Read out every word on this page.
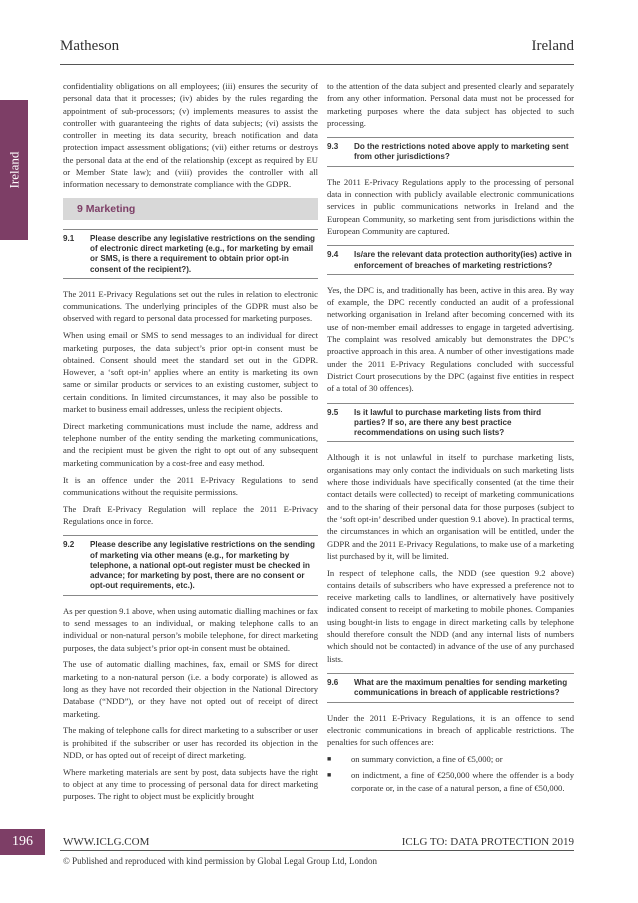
Matheson	Ireland
Ireland

confidentiality obligations on all employees; (iii) ensures the security of personal data that it processes; (iv) abides by the rules regarding the appointment of sub-processors; (v) implements measures to assist the controller with guaranteeing the rights of data subjects; (vi) assists the controller in meeting its data security, breach notification and data protection impact assessment obligations; (vii) either returns or destroys the personal data at the end of the relationship (except as required by EU or Member State law); and (viii) provides the controller with all information necessary to demonstrate compliance with the GDPR.

9 Marketing
9.1	Please describe any legislative restrictions on the sending of electronic direct marketing (e.g., for marketing by email or SMS, is there a requirement to obtain prior opt-in consent of the recipient?).

The 2011 E-Privacy Regulations set out the rules in relation to electronic communications. The underlying principles of the GDPR must also be observed with regard to personal data processed for marketing purposes.

When using email or SMS to send messages to an individual for direct marketing purposes, the data subject’s prior opt-in consent must be obtained. Consent should meet the standard set out in the GDPR. However, a ‘soft opt-in’ applies where an entity is marketing its own same or similar products or services to an existing customer, subject to certain conditions. In limited circumstances, it may also be possible to market to business email addresses, unless the recipient objects.

Direct marketing communications must include the name, address and telephone number of the entity sending the marketing communications, and the recipient must be given the right to opt out of any subsequent marketing communication by a cost-free and easy method.

It is an offence under the 2011 E-Privacy Regulations to send communications without the requisite permissions.

The Draft E-Privacy Regulation will replace the 2011 E-Privacy Regulations once in force.

9.2	Please describe any legislative restrictions on the sending of marketing via other means (e.g., for marketing by telephone, a national opt-out register must be checked in advance; for marketing by post, there are no consent or opt-out requirements, etc.).

As per question 9.1 above, when using automatic dialling machines or fax to send messages to an individual, or making telephone calls to an individual or non-natural person’s mobile telephone, for direct marketing purposes, the data subject’s prior opt-in consent must be obtained.

The use of automatic dialling machines, fax, email or SMS for direct marketing to a non-natural person (i.e. a body corporate) is allowed as long as they have not recorded their objection in the National Directory Database (“NDD”), or they have not opted out of receipt of direct marketing.

The making of telephone calls for direct marketing to a subscriber or user is prohibited if the subscriber or user has recorded its objection in the NDD, or has opted out of receipt of direct marketing.

Where marketing materials are sent by post, data subjects have the right to object at any time to processing of personal data for direct marketing purposes. The right to object must be explicitly brought

to the attention of the data subject and presented clearly and separately from any other information. Personal data must not be processed for marketing purposes where the data subject has objected to such processing.

9.3	Do the restrictions noted above apply to marketing sent from other jurisdictions?

The 2011 E-Privacy Regulations apply to the processing of personal data in connection with publicly available electronic communications services in public communications networks in Ireland and the European Community, so marketing sent from jurisdictions within the European Community are captured.

9.4	Is/are the relevant data protection authority(ies) active in enforcement of breaches of marketing restrictions?

Yes, the DPC is, and traditionally has been, active in this area. By way of example, the DPC recently conducted an audit of a professional networking organisation in Ireland after becoming concerned with its use of non-member email addresses to engage in targeted advertising. The complaint was resolved amicably but demonstrates the DPC’s proactive approach in this area. A number of other investigations made under the 2011 E-Privacy Regulations concluded with successful District Court prosecutions by the DPC (against five entities in respect of a total of 30 offences).

9.5	Is it lawful to purchase marketing lists from third parties? If so, are there any best practice recommendations on using such lists?

Although it is not unlawful in itself to purchase marketing lists, organisations may only contact the individuals on such marketing lists where those individuals have specifically consented (at the time their contact details were collected) to receipt of marketing communications and to the sharing of their personal data for those purposes (subject to the ‘soft opt-in’ described under question 9.1 above). In practical terms, the circumstances in which an organisation will be entitled, under the GDPR and the 2011 E-Privacy Regulations, to make use of a marketing list purchased by it, will be limited.

In respect of telephone calls, the NDD (see question 9.2 above) contains details of subscribers who have expressed a preference not to receive marketing calls to landlines, or alternatively have positively indicated consent to receipt of marketing to mobile phones. Companies using bought-in lists to engage in direct marketing calls by telephone should therefore consult the NDD (and any internal lists of numbers which should not be contacted) in advance of the use of any purchased lists.

9.6	What are the maximum penalties for sending marketing communications in breach of applicable restrictions?

Under the 2011 E-Privacy Regulations, it is an offence to send electronic communications in breach of applicable restrictions. The penalties for such offences are:

■	on summary conviction, a fine of €5,000; or
■	on indictment, a fine of €250,000 where the offender is a body corporate or, in the case of a natural person, a fine of €50,000.
196	WWW.ICLG.COM	ICLG TO: DATA PROTECTION 2019
© Published and reproduced with kind permission by Global Legal Group Ltd, London
